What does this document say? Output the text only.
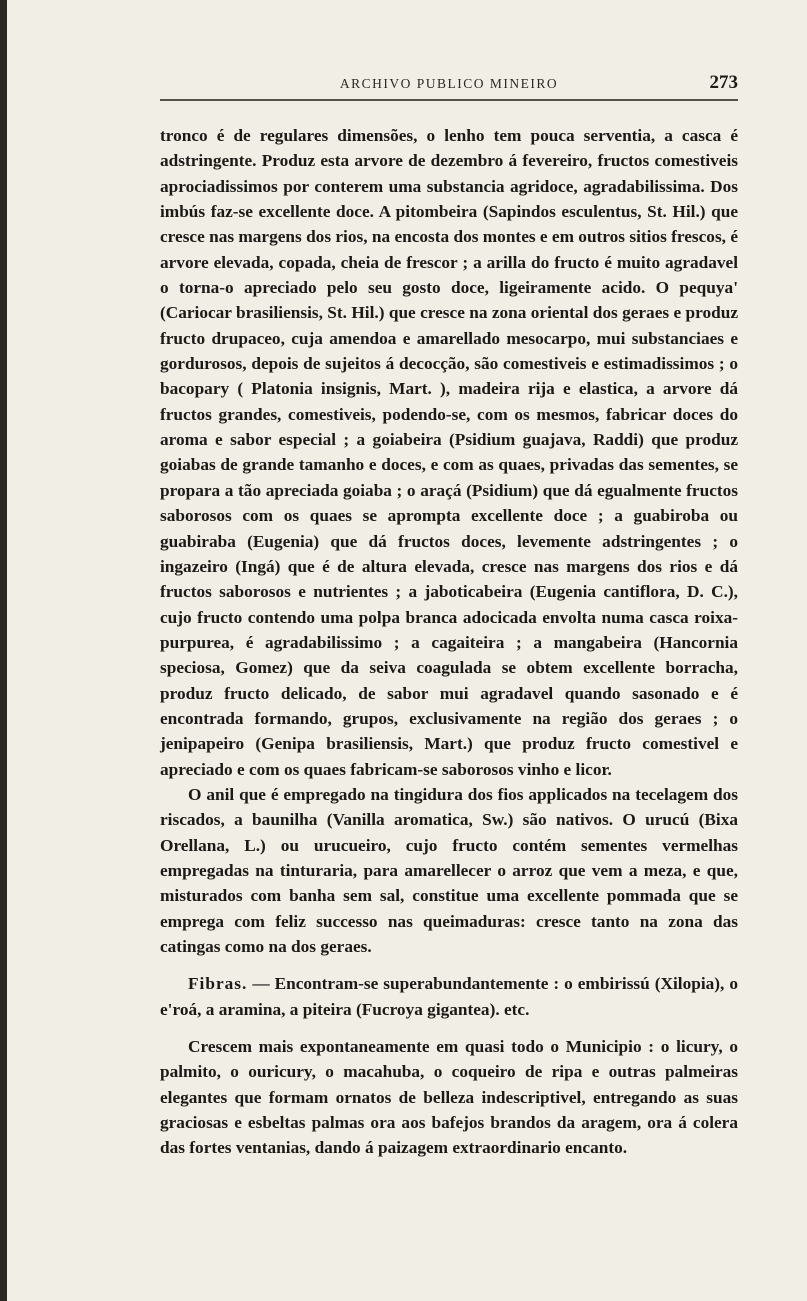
ARCHIVO PUBLICO MINEIRO	273

tronco é de regulares dimensões, o lenho tem pouca serventia, a casca é adstringente. Produz esta arvore de dezembro á fevereiro, fructos comestiveis aprociadissimos por conterem uma substancia agridoce, agradabilissima. Dos imbús faz-se excellente doce. A pitombeira (Sapindos esculentus, St. Hil.) que cresce nas margens dos rios, na encosta dos montes e em outros sitios frescos, é arvore elevada, copada, cheia de frescor ; a arilla do fructo é muito agradavel o torna-o apreciado pelo seu gosto doce, ligeiramente acido. O pequya' (Cariocar brasiliensis, St. Hil.) que cresce na zona oriental dos geraes e produz fructo drupaceo, cuja amendoa e amarellado mesocarpo, mui substanciaes e gordurosos, depois de sujeitos á decocção, são comestiveis e estimadissimos ; o bacopary ( Platonia insignis, Mart. ), madeira rija e elastica, a arvore dá fructos grandes, comestiveis, podendo-se, com os mesmos, fabricar doces do aroma e sabor especial ; a goiabeira (Psidium guajava, Raddi) que produz goiabas de grande tamanho e doces, e com as quaes, privadas das sementes, se propara a tão apreciada goiaba ; o araçá (Psidium) que dá egualmente fructos saborosos com os quaes se aprompta excellente doce ; a guabiroba ou guabiraba (Eugenia) que dá fructos doces, levemente adstringentes ; o ingazeiro (Ingá) que é de altura elevada, cresce nas margens dos rios e dá fructos saborosos e nutrientes ; a jaboticabeira (Eugenia cantiflora, D. C.), cujo fructo contendo uma polpa branca adocicada envolta numa casca roixa-purpurea, é agradabilissimo ; a cagaiteira ; a mangabeira (Hancornia speciosa, Gomez) que da seiva coagulada se obtem excellente borracha, produz fructo delicado, de sabor mui agradavel quando sasonado e é encontrada formando, grupos, exclusivamente na região dos geraes ; o jenipapeiro (Genipa brasiliensis, Mart.) que produz fructo comestivel e apreciado e com os quaes fabricam-se saborosos vinho e licor.

O anil que é empregado na tingidura dos fios applicados na tecelagem dos riscados, a baunilha (Vanilla aromatica, Sw.) são nativos. O urucú (Bixa Orellana, L.) ou urucueiro, cujo fructo contém sementes vermelhas empregadas na tinturaria, para amarellecer o arroz que vem a meza, e que, misturados com banha sem sal, constitue uma excellente pommada que se emprega com feliz successo nas queimaduras: cresce tanto na zona das catingas como na dos geraes.

Fibras. — Encontram-se superabundantemente : o embirissú (Xilopia), o e'roá, a aramina, a piteira (Fucroya gigantea). etc.

Crescem mais expontaneamente em quasi todo o Municipio : o licury, o palmito, o ouricury, o macahuba, o coqueiro de ripa e outras palmeiras elegantes que formam ornatos de belleza indescriptivel, entregando as suas graciosas e esbeltas palmas ora aos bafejos brandos da aragem, ora á colera das fortes ventanias, dando á paizagem extraordinario encanto.
